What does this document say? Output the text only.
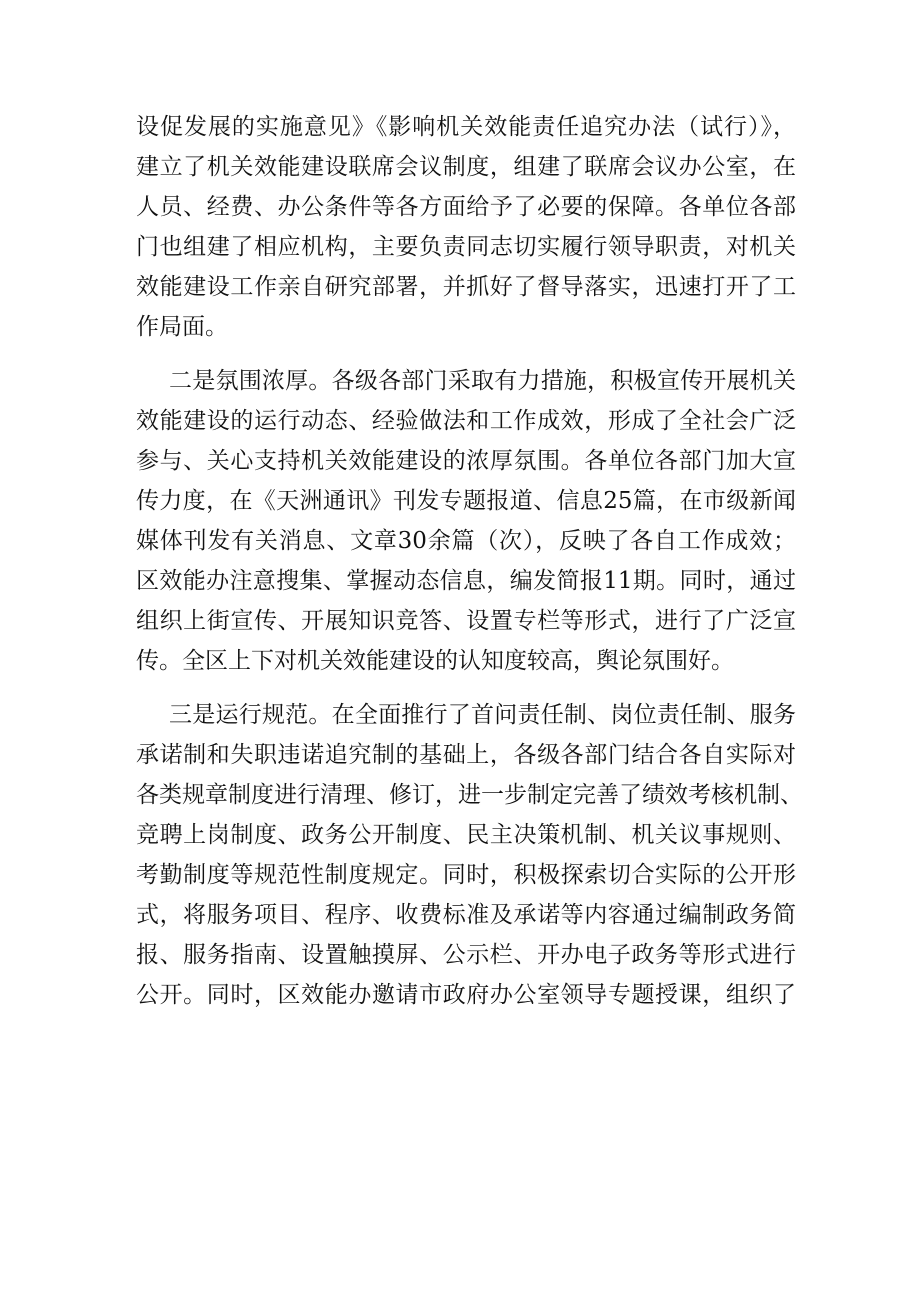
设促发展的实施意见》《影响机关效能责任追究办法（试行）》，
建立了机关效能建设联席会议制度，组建了联席会议办公室，在
人员、经费、办公条件等各方面给予了必要的保障。各单位各部
门也组建了相应机构，主要负责同志切实履行领导职责，对机关
效能建设工作亲自研究部署，并抓好了督导落实，迅速打开了工
作局面。
二是氛围浓厚。各级各部门采取有力措施，积极宣传开展机关
效能建设的运行动态、经验做法和工作成效，形成了全社会广泛
参与、关心支持机关效能建设的浓厚氛围。各单位各部门加大宣
传力度，在《天洲通讯》刊发专题报道、信息25篇，在市级新闻
媒体刊发有关消息、文章30余篇（次），反映了各自工作成效；
区效能办注意搜集、掌握动态信息，编发简报11期。同时，通过
组织上街宣传、开展知识竞答、设置专栏等形式，进行了广泛宣
传。全区上下对机关效能建设的认知度较高，舆论氛围好。
三是运行规范。在全面推行了首问责任制、岗位责任制、服务
承诺制和失职违诺追究制的基础上，各级各部门结合各自实际对
各类规章制度进行清理、修订，进一步制定完善了绩效考核机制、
竞聘上岗制度、政务公开制度、民主决策机制、机关议事规则、
考勤制度等规范性制度规定。同时，积极探索切合实际的公开形
式，将服务项目、程序、收费标准及承诺等内容通过编制政务简
报、服务指南、设置触摸屏、公示栏、开办电子政务等形式进行
公开。同时，区效能办邀请市政府办公室领导专题授课，组织了
